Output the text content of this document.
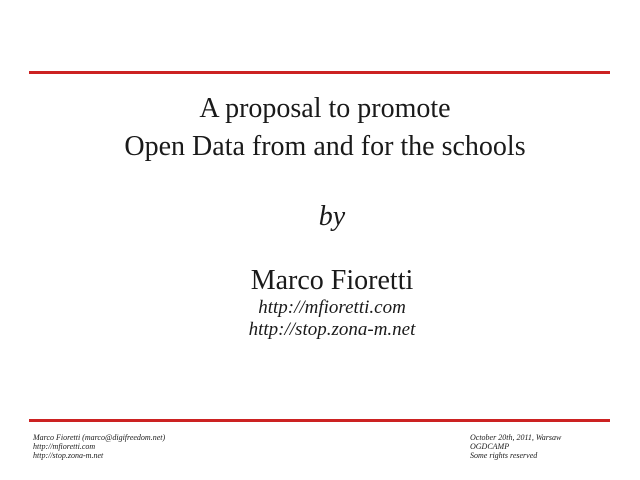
A proposal to promote
Open Data from and for the schools
by
Marco Fioretti
http://mfioretti.com
http://stop.zona-m.net
Marco Fioretti (marco@digifreedom.net)
http://mfioretti.com
http://stop.zona-m.net
October 20th, 2011, Warsaw
OGDCAMP
Some rights reserved
